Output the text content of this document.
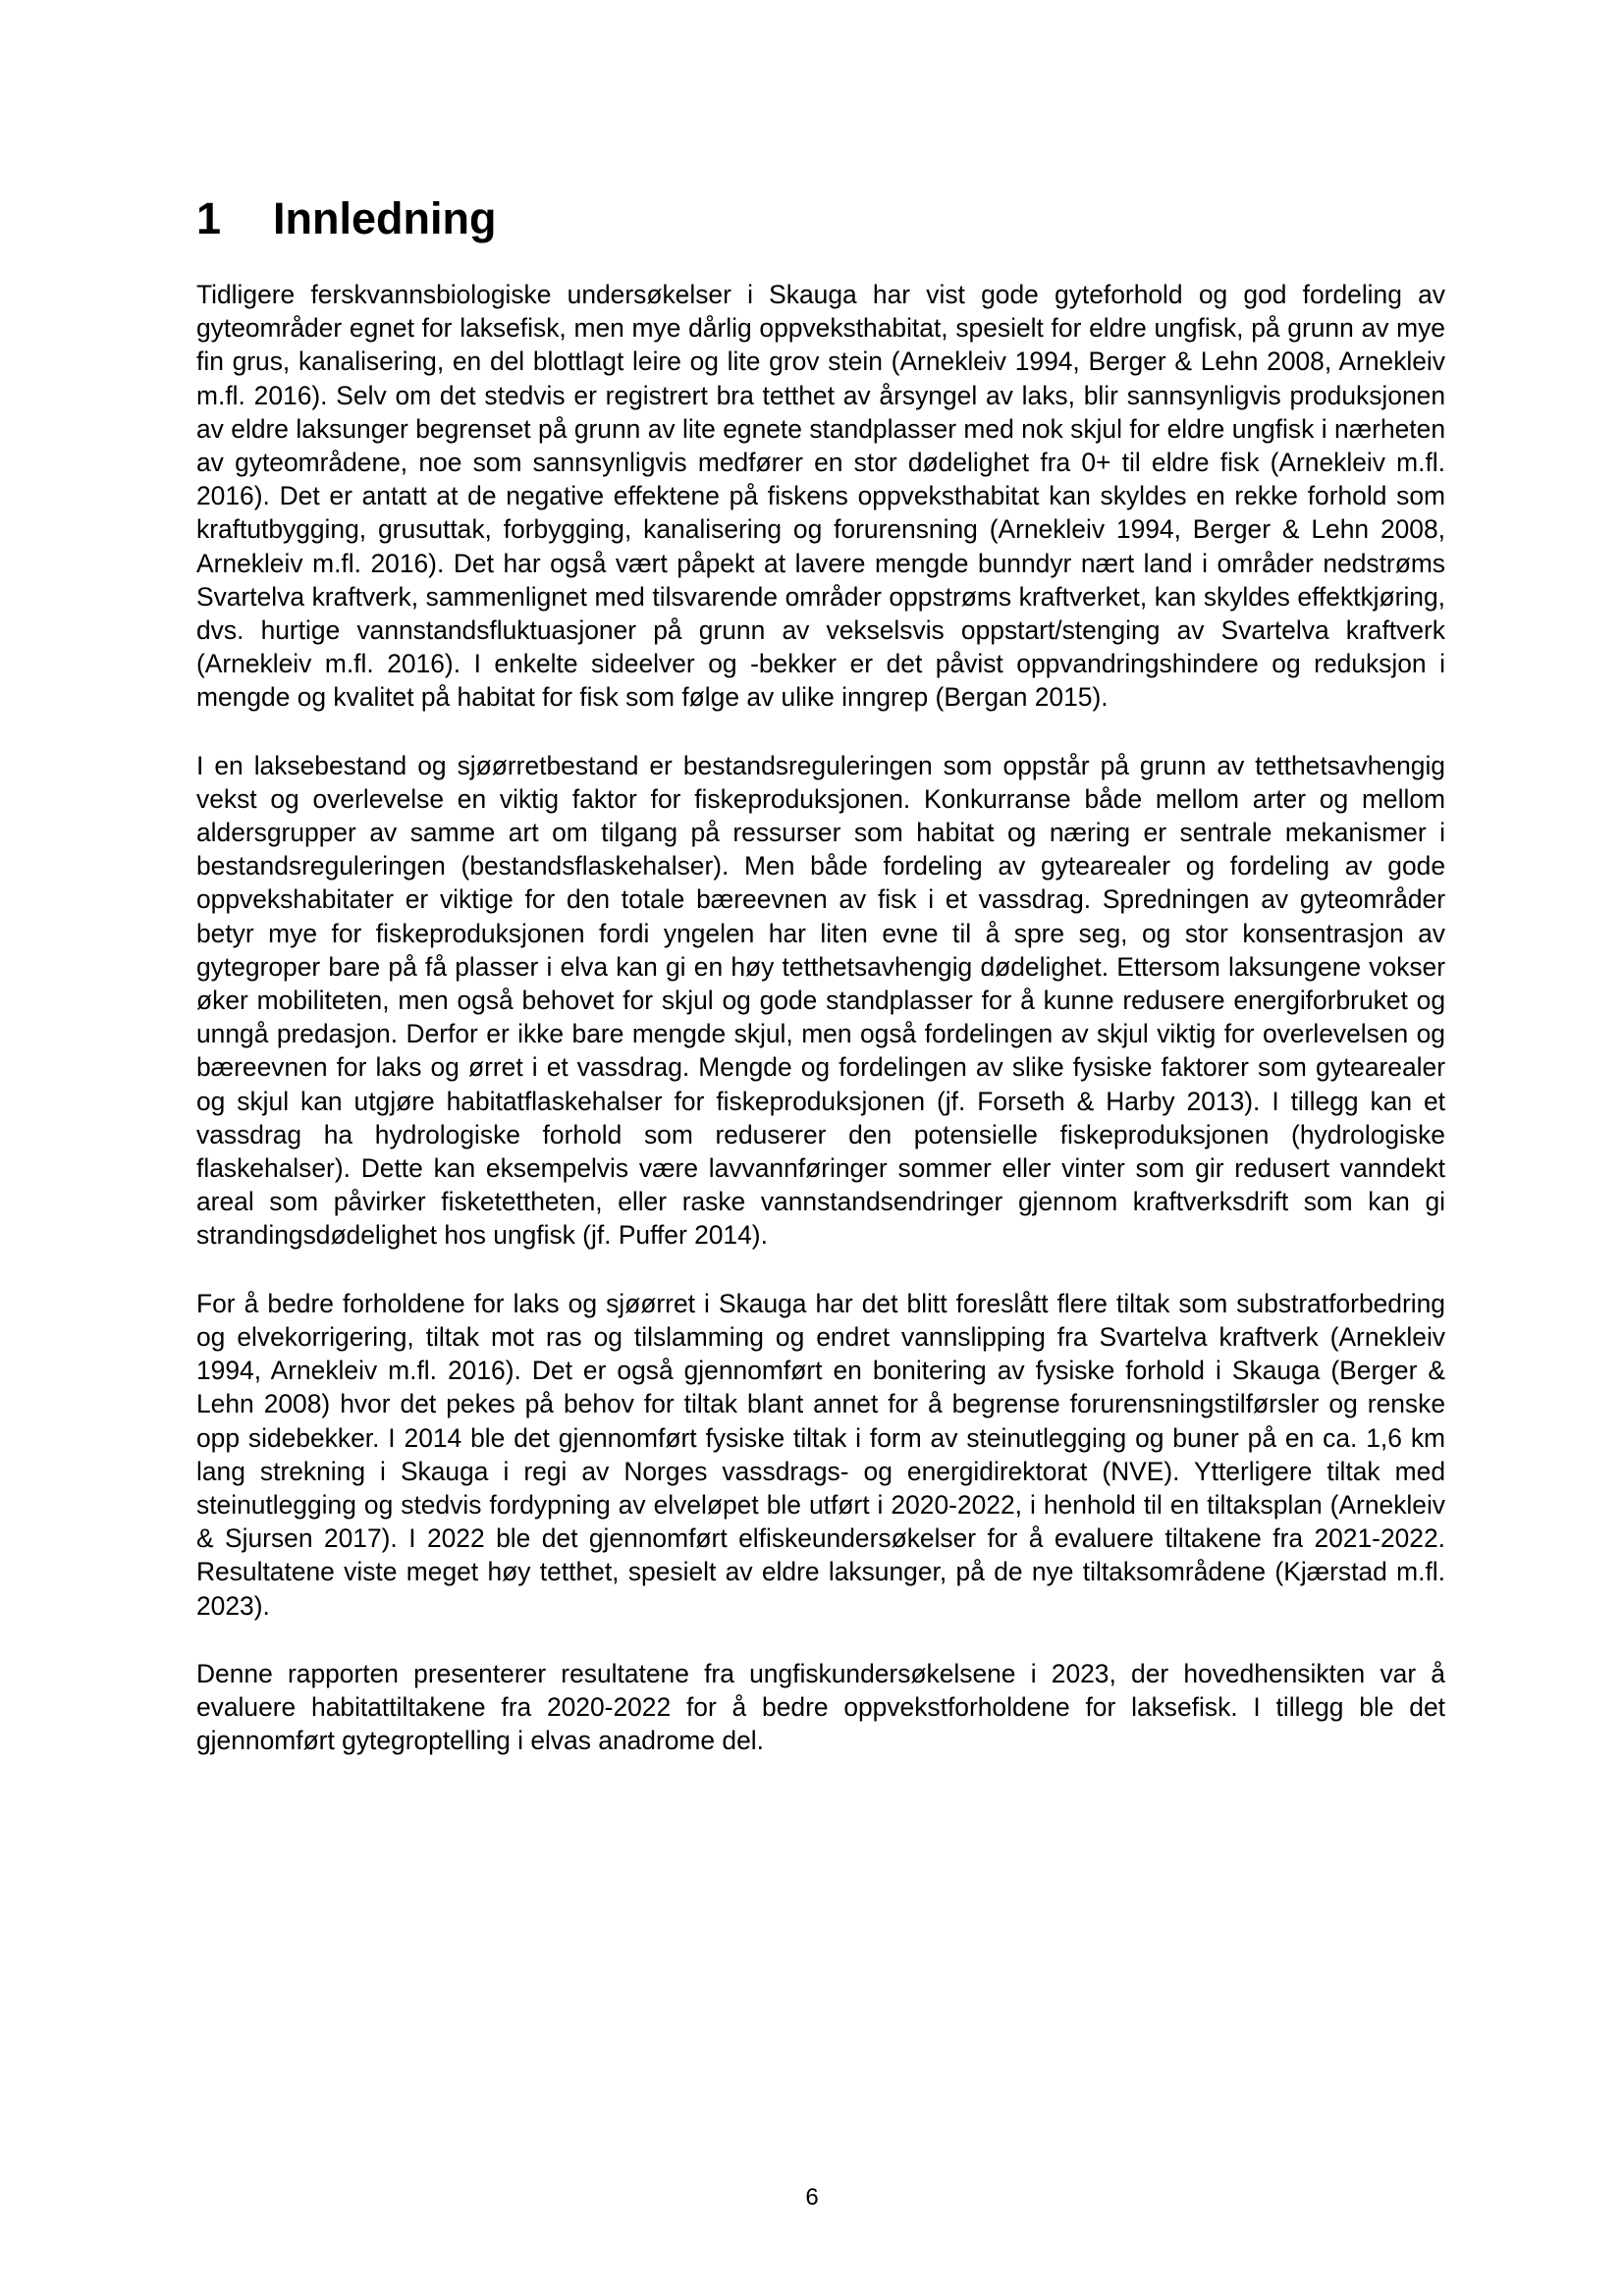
1 Innledning

Tidligere ferskvannsbiologiske undersøkelser i Skauga har vist gode gyteforhold og god fordeling av gyteområder egnet for laksefisk, men mye dårlig oppveksthabitat, spesielt for eldre ungfisk, på grunn av mye fin grus, kanalisering, en del blottlagt leire og lite grov stein (Arnekleiv 1994, Berger & Lehn 2008, Arnekleiv m.fl. 2016). Selv om det stedvis er registrert bra tetthet av årsyngel av laks, blir sannsynligvis produksjonen av eldre laksunger begrenset på grunn av lite egnete standplasser med nok skjul for eldre ungfisk i nærheten av gyteområdene, noe som sannsynligvis medfører en stor dødelighet fra 0+ til eldre fisk (Arnekleiv m.fl. 2016). Det er antatt at de negative effektene på fiskens oppveksthabitat kan skyldes en rekke forhold som kraftutbygging, grusuttak, forbygging, kanalisering og forurensning (Arnekleiv 1994, Berger & Lehn 2008, Arnekleiv m.fl. 2016). Det har også vært påpekt at lavere mengde bunndyr nært land i områder nedstrøms Svartelva kraftverk, sammenlignet med tilsvarende områder oppstrøms kraftverket, kan skyldes effektkjøring, dvs. hurtige vannstandsfluktuasjoner på grunn av vekselsvis oppstart/stenging av Svartelva kraftverk (Arnekleiv m.fl. 2016). I enkelte sideelver og -bekker er det påvist oppvandringshindere og reduksjon i mengde og kvalitet på habitat for fisk som følge av ulike inngrep (Bergan 2015).

I en laksebestand og sjøørretbestand er bestandsreguleringen som oppstår på grunn av tetthetsavhengig vekst og overlevelse en viktig faktor for fiskeproduksjonen. Konkurranse både mellom arter og mellom aldersgrupper av samme art om tilgang på ressurser som habitat og næring er sentrale mekanismer i bestandsreguleringen (bestandsflaskehalser). Men både fordeling av gytearealer og fordeling av gode oppvekshabitater er viktige for den totale bæreevnen av fisk i et vassdrag. Spredningen av gyteområder betyr mye for fiskeproduksjonen fordi yngelen har liten evne til å spre seg, og stor konsentrasjon av gytegroper bare på få plasser i elva kan gi en høy tetthetsavhengig dødelighet. Ettersom laksungene vokser øker mobiliteten, men også behovet for skjul og gode standplasser for å kunne redusere energiforbruket og unngå predasjon. Derfor er ikke bare mengde skjul, men også fordelingen av skjul viktig for overlevelsen og bæreevnen for laks og ørret i et vassdrag. Mengde og fordelingen av slike fysiske faktorer som gytearealer og skjul kan utgjøre habitatflaskehalser for fiskeproduksjonen (jf. Forseth & Harby 2013). I tillegg kan et vassdrag ha hydrologiske forhold som reduserer den potensielle fiskeproduksjonen (hydrologiske flaskehalser). Dette kan eksempelvis være lavvannføringer sommer eller vinter som gir redusert vanndekt areal som påvirker fisketettheten, eller raske vannstandsendringer gjennom kraftverksdrift som kan gi strandingsdødelighet hos ungfisk (jf. Puffer 2014).

For å bedre forholdene for laks og sjøørret i Skauga har det blitt foreslått flere tiltak som substratforbedring og elvekorrigering, tiltak mot ras og tilslamming og endret vannslipping fra Svartelva kraftverk (Arnekleiv 1994, Arnekleiv m.fl. 2016). Det er også gjennomført en bonitering av fysiske forhold i Skauga (Berger & Lehn 2008) hvor det pekes på behov for tiltak blant annet for å begrense forurensningstilførsler og renske opp sidebekker. I 2014 ble det gjennomført fysiske tiltak i form av steinutlegging og buner på en ca. 1,6 km lang strekning i Skauga i regi av Norges vassdrags- og energidirektorat (NVE). Ytterligere tiltak med steinutlegging og stedvis fordypning av elveløpet ble utført i 2020-2022, i henhold til en tiltaksplan (Arnekleiv & Sjursen 2017). I 2022 ble det gjennomført elfiskeundersøkelser for å evaluere tiltakene fra 2021-2022. Resultatene viste meget høy tetthet, spesielt av eldre laksunger, på de nye tiltaksområdene (Kjærstad m.fl. 2023).

Denne rapporten presenterer resultatene fra ungfiskundersøkelsene i 2023, der hovedhensikten var å evaluere habitattiltakene fra 2020-2022 for å bedre oppvekstforholdene for laksefisk. I tillegg ble det gjennomført gytegroptelling i elvas anadrome del.

6
